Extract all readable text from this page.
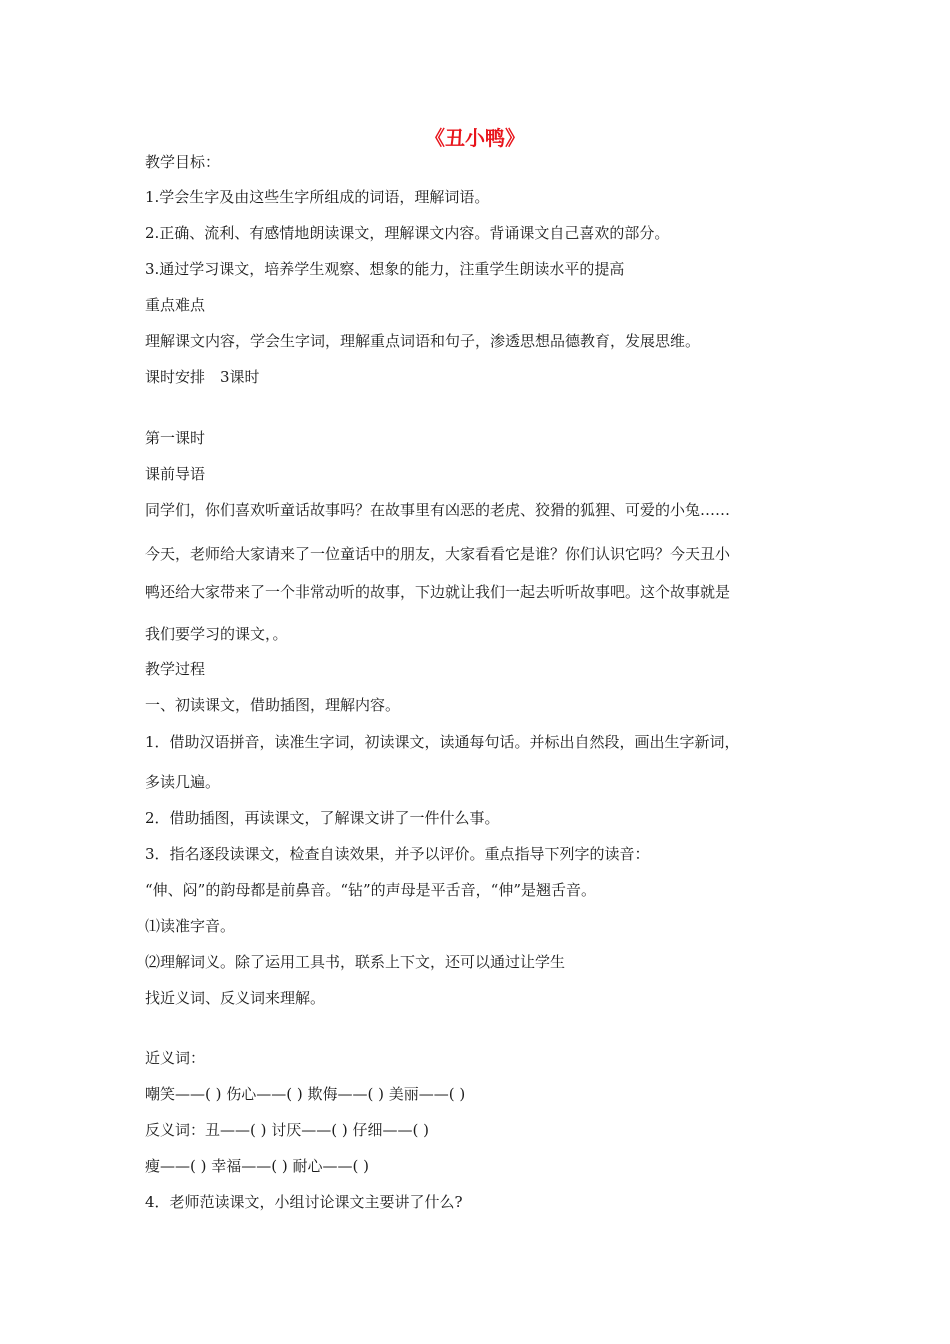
《丑小鸭》
教学目标：
1.学会生字及由这些生字所组成的词语，理解词语。
2.正确、流利、有感情地朗读课文，理解课文内容。背诵课文自己喜欢的部分。
3.通过学习课文，培养学生观察、想象的能力，注重学生朗读水平的提高
重点难点
理解课文内容，学会生字词，理解重点词语和句子，渗透思想品德教育，发展思维。
课时安排　3课时
第一课时
课前导语
同学们，你们喜欢听童话故事吗？在故事里有凶恶的老虎、狡猾的狐狸、可爱的小兔……
今天，老师给大家请来了一位童话中的朋友，大家看看它是谁？你们认识它吗？今天丑小
鸭还给大家带来了一个非常动听的故事，下边就让我们一起去听听故事吧。这个故事就是
我们要学习的课文，。
教学过程
一、初读课文，借助插图，理解内容。
1．借助汉语拼音，读准生字词，初读课文，读通每句话。并标出自然段，画出生字新词，
多读几遍。
2．借助插图，再读课文，了解课文讲了一件什么事。
3．指名逐段读课文，检查自读效果，并予以评价。重点指导下列字的读音：
“伸、闷”的韵母都是前鼻音。“钻”的声母是平舌音，“伸”是翘舌音。
⑴读准字音。
⑵理解词义。除了运用工具书，联系上下文，还可以通过让学生
找近义词、反义词来理解。
近义词：
嘲笑——( ) 伤心——( ) 欺侮——( ) 美丽——( )
反义词：丑——( ) 讨厌——( ) 仔细——( )
瘦——( ) 幸福——( ) 耐心——( )
4．老师范读课文，小组讨论课文主要讲了什么?
